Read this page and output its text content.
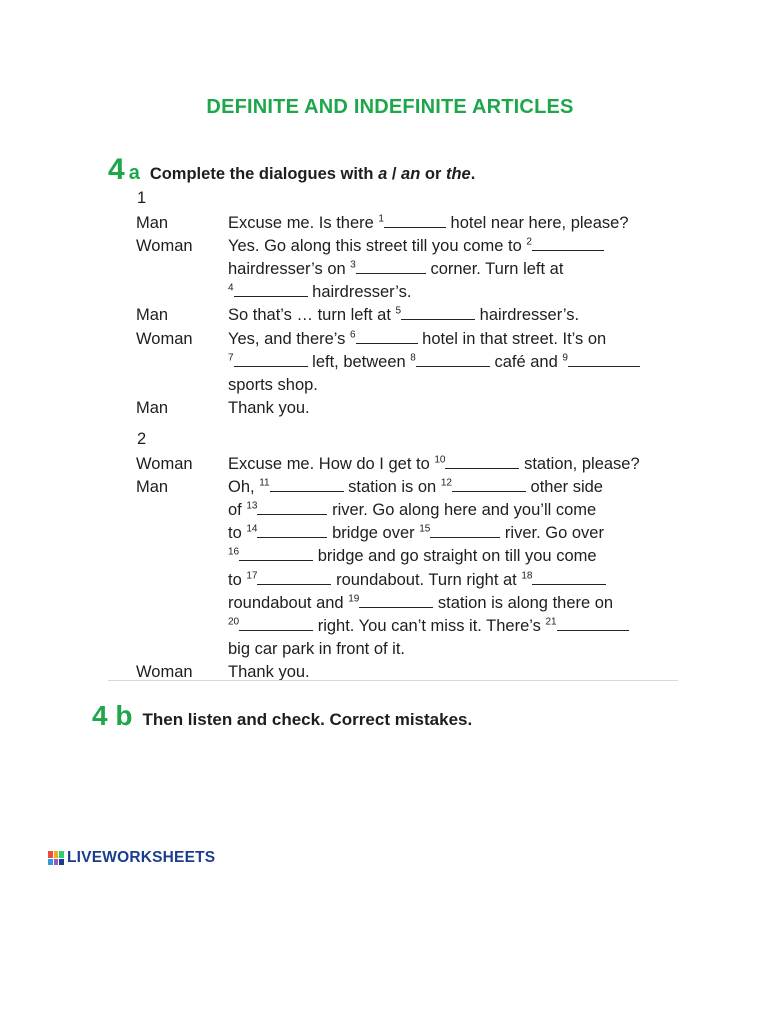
DEFINITE AND INDEFINITE ARTICLES
4 a Complete the dialogues with a / an or the.
1
Man	Excuse me. Is there $^1$	hotel near here, please?
Woman	Yes. Go along this street till you come to $^2$
hairdresser’s on $^3$	corner. Turn left at
$^4$	hairdresser’s.
Man	So that’s … turn left at $^5$	hairdresser’s.
Woman	Yes, and there’s $^6$	hotel in that street. It’s on
$^7$	left, between $^8$	café and $^9$
sports shop.
Man	Thank you.
2
Woman	Excuse me. How do I get to $^{10}$	station, please?
Man	Oh, $^{11}$	station is on $^{12}$	other side
of $^{13}$	river. Go along here and you’ll come
to $^{14}$	bridge over $^{15}$	river. Go over
$^{16}$	bridge and go straight on till you come
to $^{17}$	roundabout. Turn right at $^{18}$
roundabout and $^{19}$	station is along there on
$^{20}$	right. You can’t miss it. There’s $^{21}$
big car park in front of it.
Woman	Thank you.
4 b Then listen and check. Correct mistakes.
LIVEWORKSHEETS
